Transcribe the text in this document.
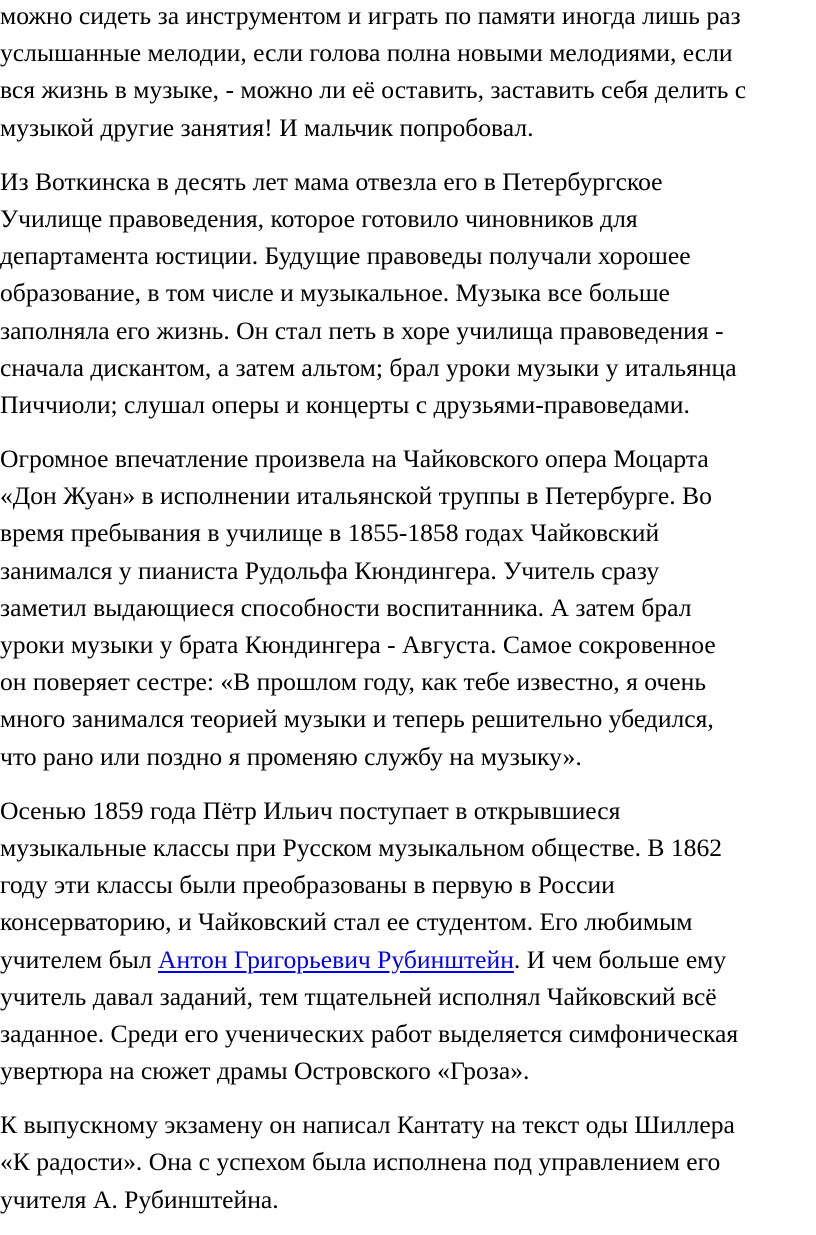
можно сидеть за инструментом и играть по памяти иногда лишь раз
услышанные мелодии, если голова полна новыми мелодиями, если
вся жизнь в музыке, - можно ли её оставить, заставить себя делить с
музыкой другие занятия! И мальчик попробовал.

Из Воткинска в десять лет мама отвезла его в Петербургское
Училище правоведения, которое готовило чиновников для
департамента юстиции. Будущие правоведы получали хорошее
образование, в том числе и музыкальное. Музыка все больше
заполняла его жизнь. Он стал петь в хоре училища правоведения -
сначала дискантом, а затем альтом; брал уроки музыки у итальянца
Пиччиоли; слушал оперы и концерты с друзьями-правоведами.

Огромное впечатление произвела на Чайковского опера Моцарта
«Дон Жуан» в исполнении итальянской труппы в Петербурге. Во
время пребывания в училище в 1855-1858 годах Чайковский
занимался у пианиста Рудольфа Кюндингера. Учитель сразу
заметил выдающиеся способности воспитанника. А затем брал
уроки музыки у брата Кюндингера - Августа. Самое сокровенное
он поверяет сестре: «В прошлом году, как тебе известно, я очень
много занимался теорией музыки и теперь решительно убедился,
что рано или поздно я променяю службу на музыку».

Осенью 1859 года Пётр Ильич поступает в открывшиеся
музыкальные классы при Русском музыкальном обществе. В 1862
году эти классы были преобразованы в первую в России
консерваторию, и Чайковский стал ее студентом. Его любимым
учителем был Антон Григорьевич Рубинштейн. И чем больше ему
учитель давал заданий, тем тщательней исполнял Чайковский всё
заданное. Среди его ученических работ выделяется симфоническая
увертюра на сюжет драмы Островского «Гроза».

К выпускному экзамену он написал Кантату на текст оды Шиллера
«К радости». Она с успехом была исполнена под управлением его
учителя А. Рубинштейна.
